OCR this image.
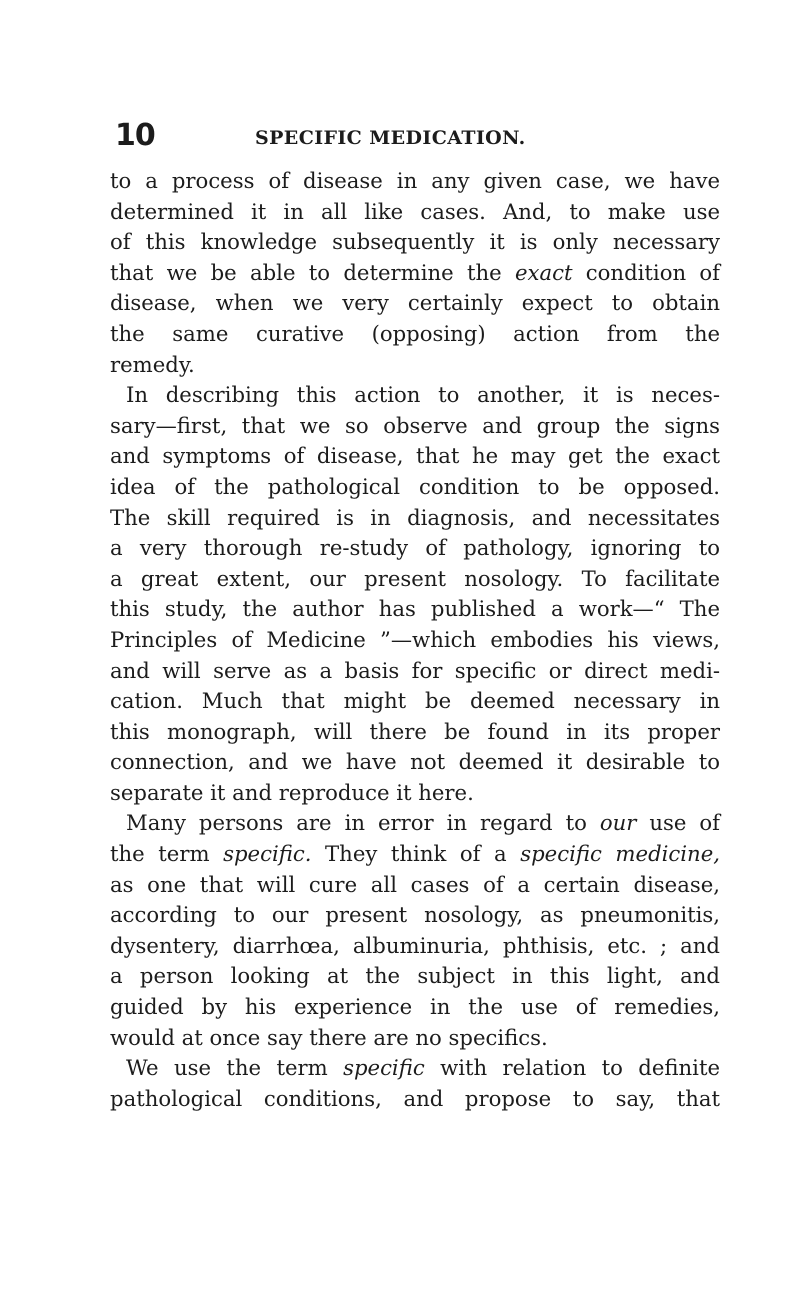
10	SPECIFIC MEDICATION.
to a process of disease in any given case, we have
determined it in all like cases. And, to make use
of this knowledge subsequently it is only necessary
that we be able to determine the exact condition of
disease, when we very certainly expect to obtain
the same curative (opposing) action from the
remedy.
In describing this action to another, it is neces-
sary—first, that we so observe and group the signs
and symptoms of disease, that he may get the exact
idea of the pathological condition to be opposed.
The skill required is in diagnosis, and necessitates
a very thorough re-study of pathology, ignoring to
a great extent, our present nosology. To facilitate
this study, the author has published a work—“ The
Principles of Medicine ”—which embodies his views,
and will serve as a basis for specific or direct medi-
cation. Much that might be deemed necessary in
this monograph, will there be found in its proper
connection, and we have not deemed it desirable to
separate it and reproduce it here.
Many persons are in error in regard to our use of
the term specific. They think of a specific medicine,
as one that will cure all cases of a certain disease,
according to our present nosology, as pneumonitis,
dysentery, diarrhœa, albuminuria, phthisis, etc. ; and
a person looking at the subject in this light, and
guided by his experience in the use of remedies,
would at once say there are no specifics.
We use the term specific with relation to definite
pathological conditions, and propose to say, that
